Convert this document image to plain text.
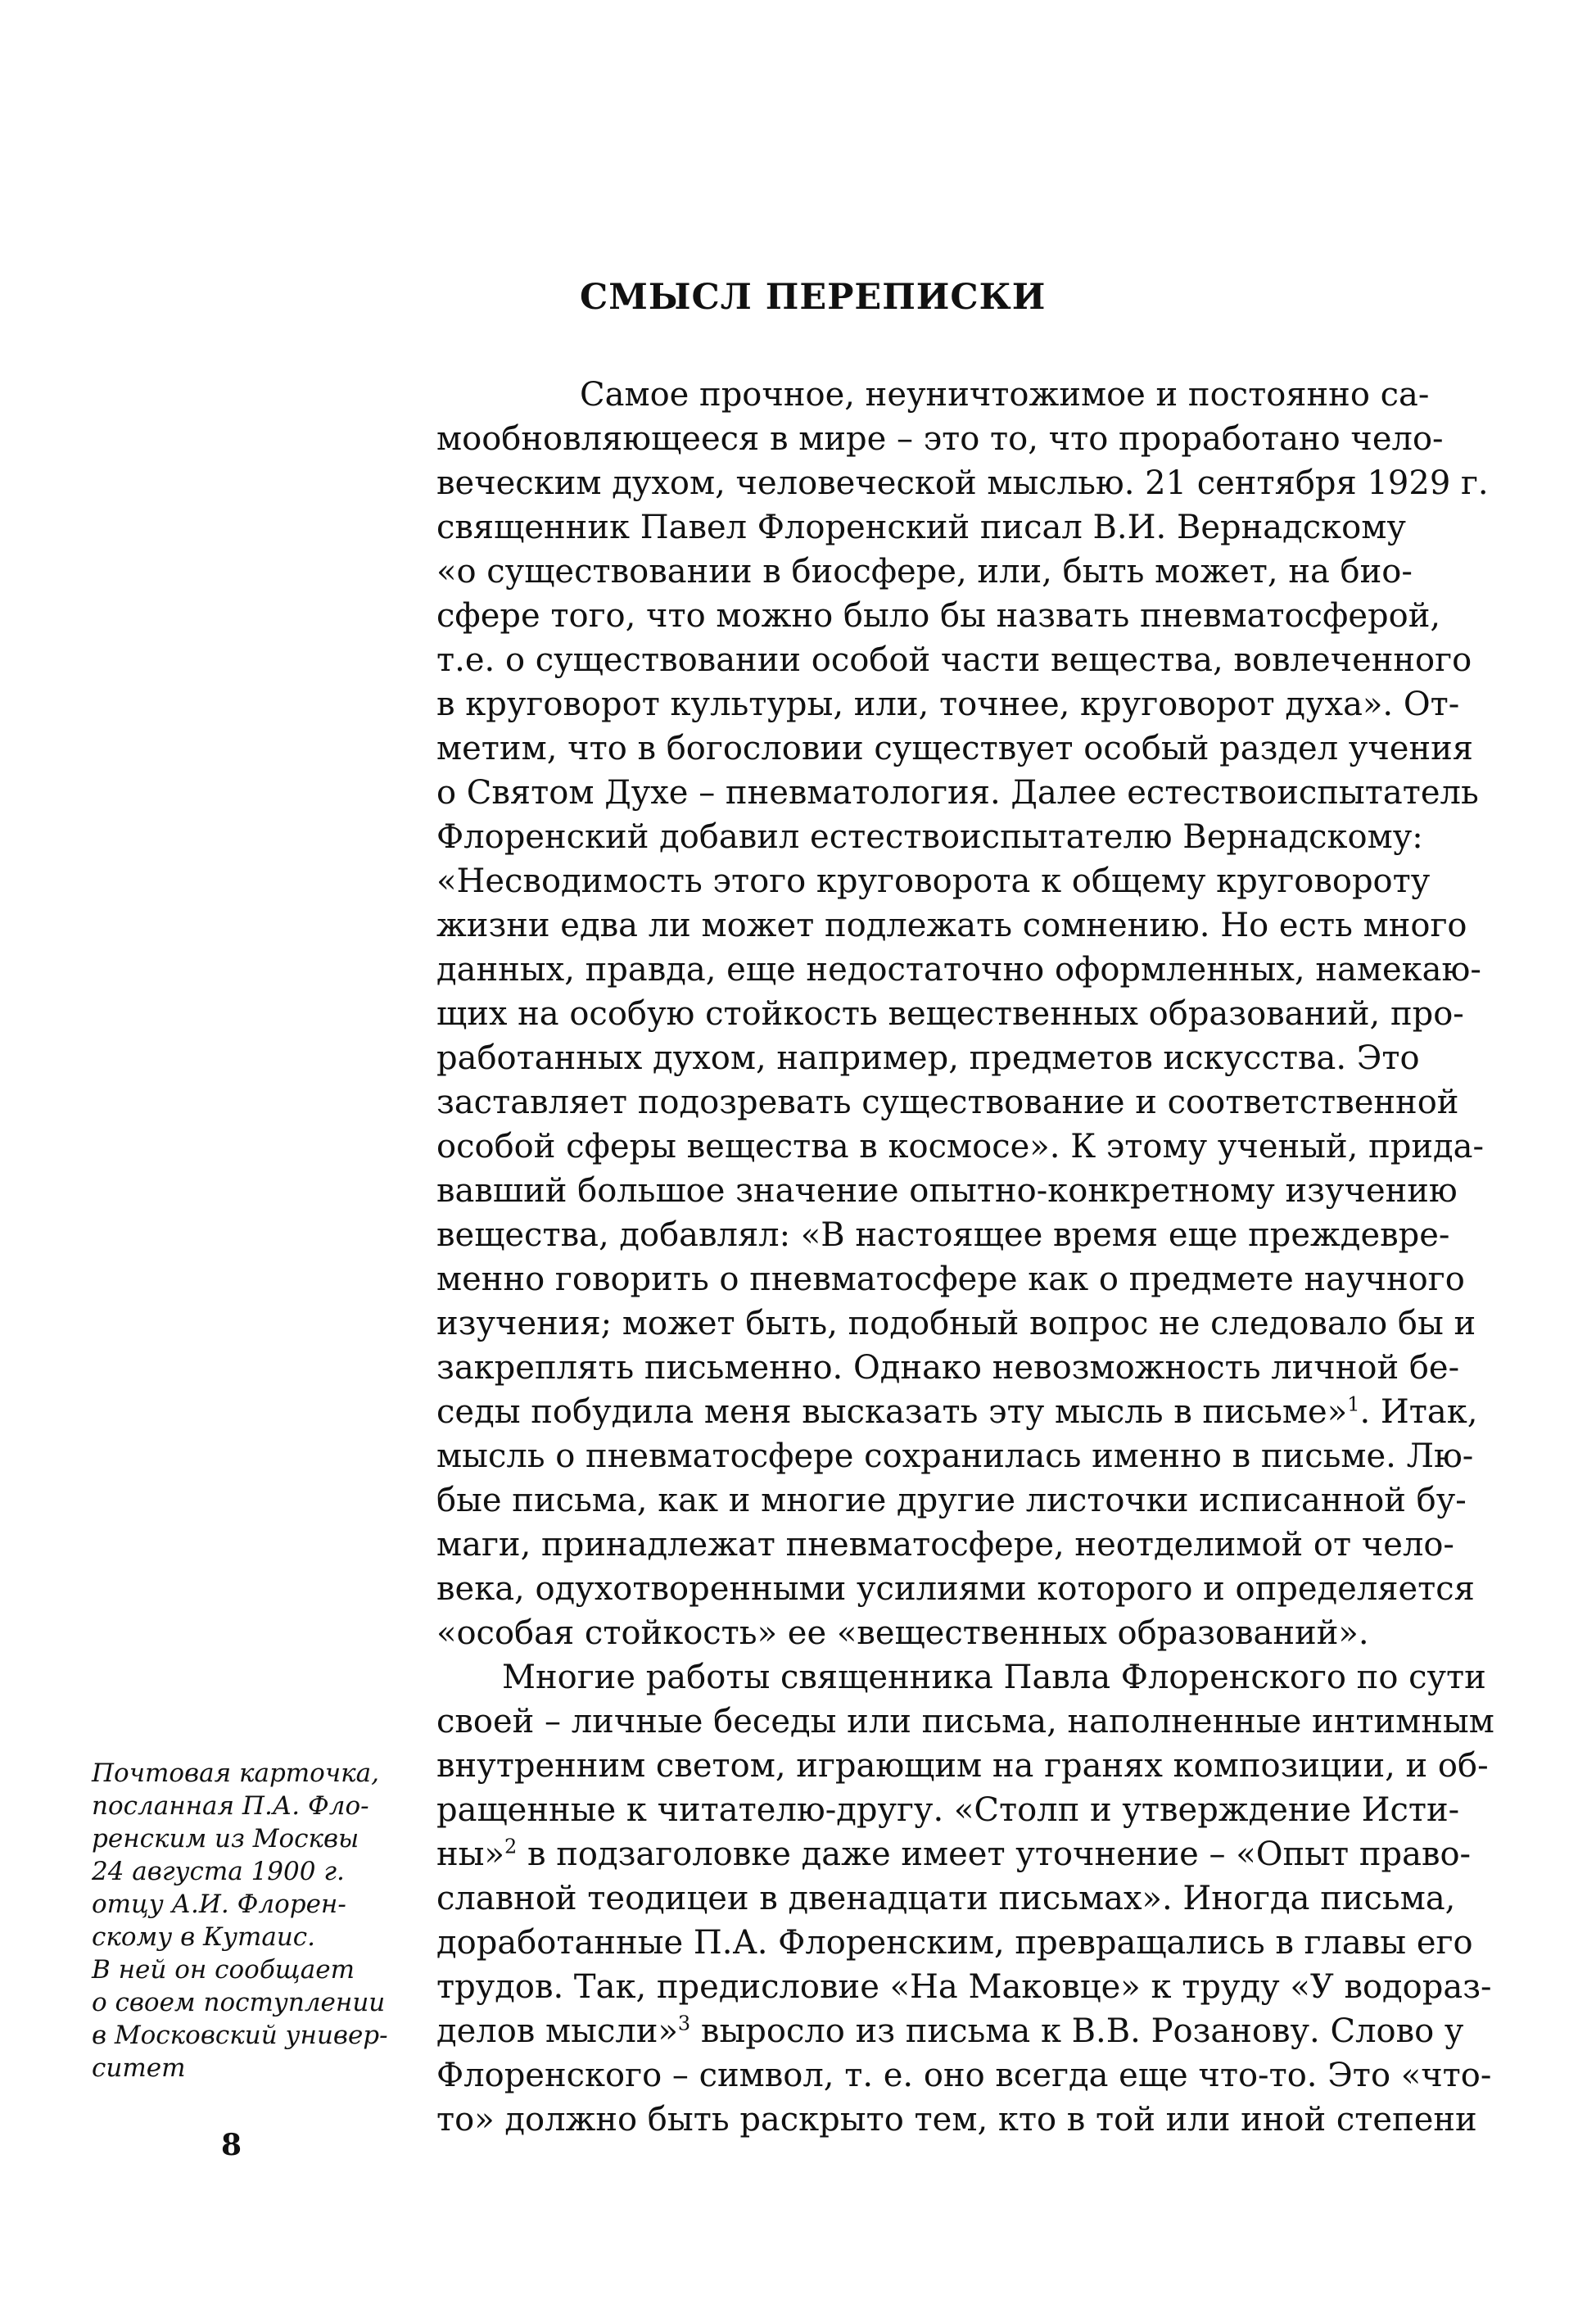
СМЫСЛ ПЕРЕПИСКИ
Самое прочное, неуничтожимое и постоянно са-
мообновляющееся в мире – это то, что проработано чело-
веческим духом, человеческой мыслью. 21 сентября 1929 г.
священник Павел Флоренский писал В.И. Вернадскому
«о существовании в биосфере, или, быть может, на био-
сфере того, что можно было бы назвать пневматосферой,
т.е. о существовании особой части вещества, вовлеченного
в круговорот культуры, или, точнее, круговорот духа». От-
метим, что в богословии существует особый раздел учения
о Святом Духе – пневматология. Далее естествоиспытатель
Флоренский добавил естествоиспытателю Вернадскому:
«Несводимость этого круговорота к общему круговороту
жизни едва ли может подлежать сомнению. Но есть много
данных, правда, еще недостаточно оформленных, намекаю-
щих на особую стойкость вещественных образований, про-
работанных духом, например, предметов искусства. Это
заставляет подозревать существование и соответственной
особой сферы вещества в космосе». К этому ученый, прида-
вавший большое значение опытно-конкретному изучению
вещества, добавлял: «В настоящее время еще преждевре-
менно говорить о пневматосфере как о предмете научного
изучения; может быть, подобный вопрос не следовало бы и
закреплять письменно. Однако невозможность личной бе-
седы побудила меня высказать эту мысль в письме»$^1$. Итак,
мысль о пневматосфере сохранилась именно в письме. Лю-
бые письма, как и многие другие листочки исписанной бу-
маги, принадлежат пневматосфере, неотделимой от чело-
века, одухотворенными усилиями которого и определяется
«особая стойкость» ее «вещественных образований».
Многие работы священника Павла Флоренского по сути
своей – личные беседы или письма, наполненные интимным
внутренним светом, играющим на гранях композиции, и об-
ращенные к читателю-другу. «Столп и утверждение Исти-
ны»$^2$ в подзаголовке даже имеет уточнение – «Опыт право-
славной теодицеи в двенадцати письмах». Иногда письма,
доработанные П.А. Флоренским, превращались в главы его
трудов. Так, предисловие «На Маковце» к труду «У водораз-
делов мысли»$^3$ выросло из письма к В.В. Розанову. Слово у
Флоренского – символ, т. е. оно всегда еще что-то. Это «что-
то» должно быть раскрыто тем, кто в той или иной степени
Почтовая карточка,
посланная П.А. Фло-
ренским из Москвы
24 августа 1900 г.
отцу А.И. Флорен-
скому в Кутаис.
В ней он сообщает
о своем поступлении
в Московский универ-
ситет
8
